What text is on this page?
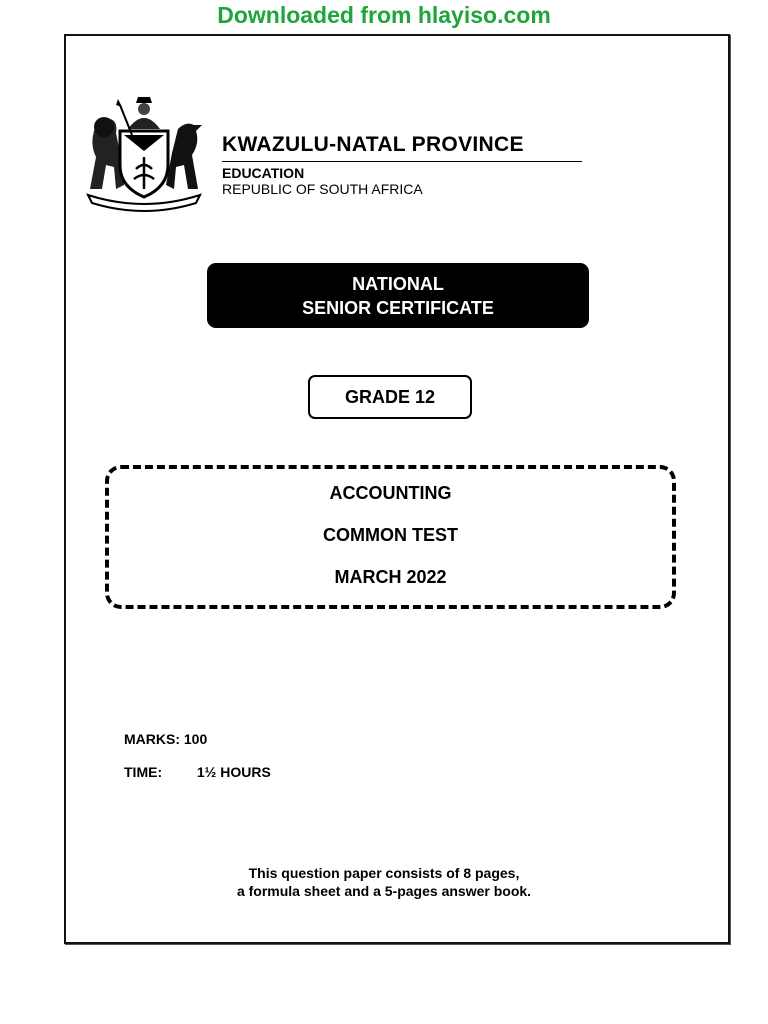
Downloaded from hlayiso.com
KWAZULU-NATAL PROVINCE
EDUCATION
REPUBLIC OF SOUTH AFRICA
NATIONAL
SENIOR CERTIFICATE
GRADE 12
ACCOUNTING
COMMON TEST
MARCH 2022
MARKS: 100
TIME: 1½ HOURS
This question paper consists of 8 pages,
a formula sheet and a 5-pages answer book.
